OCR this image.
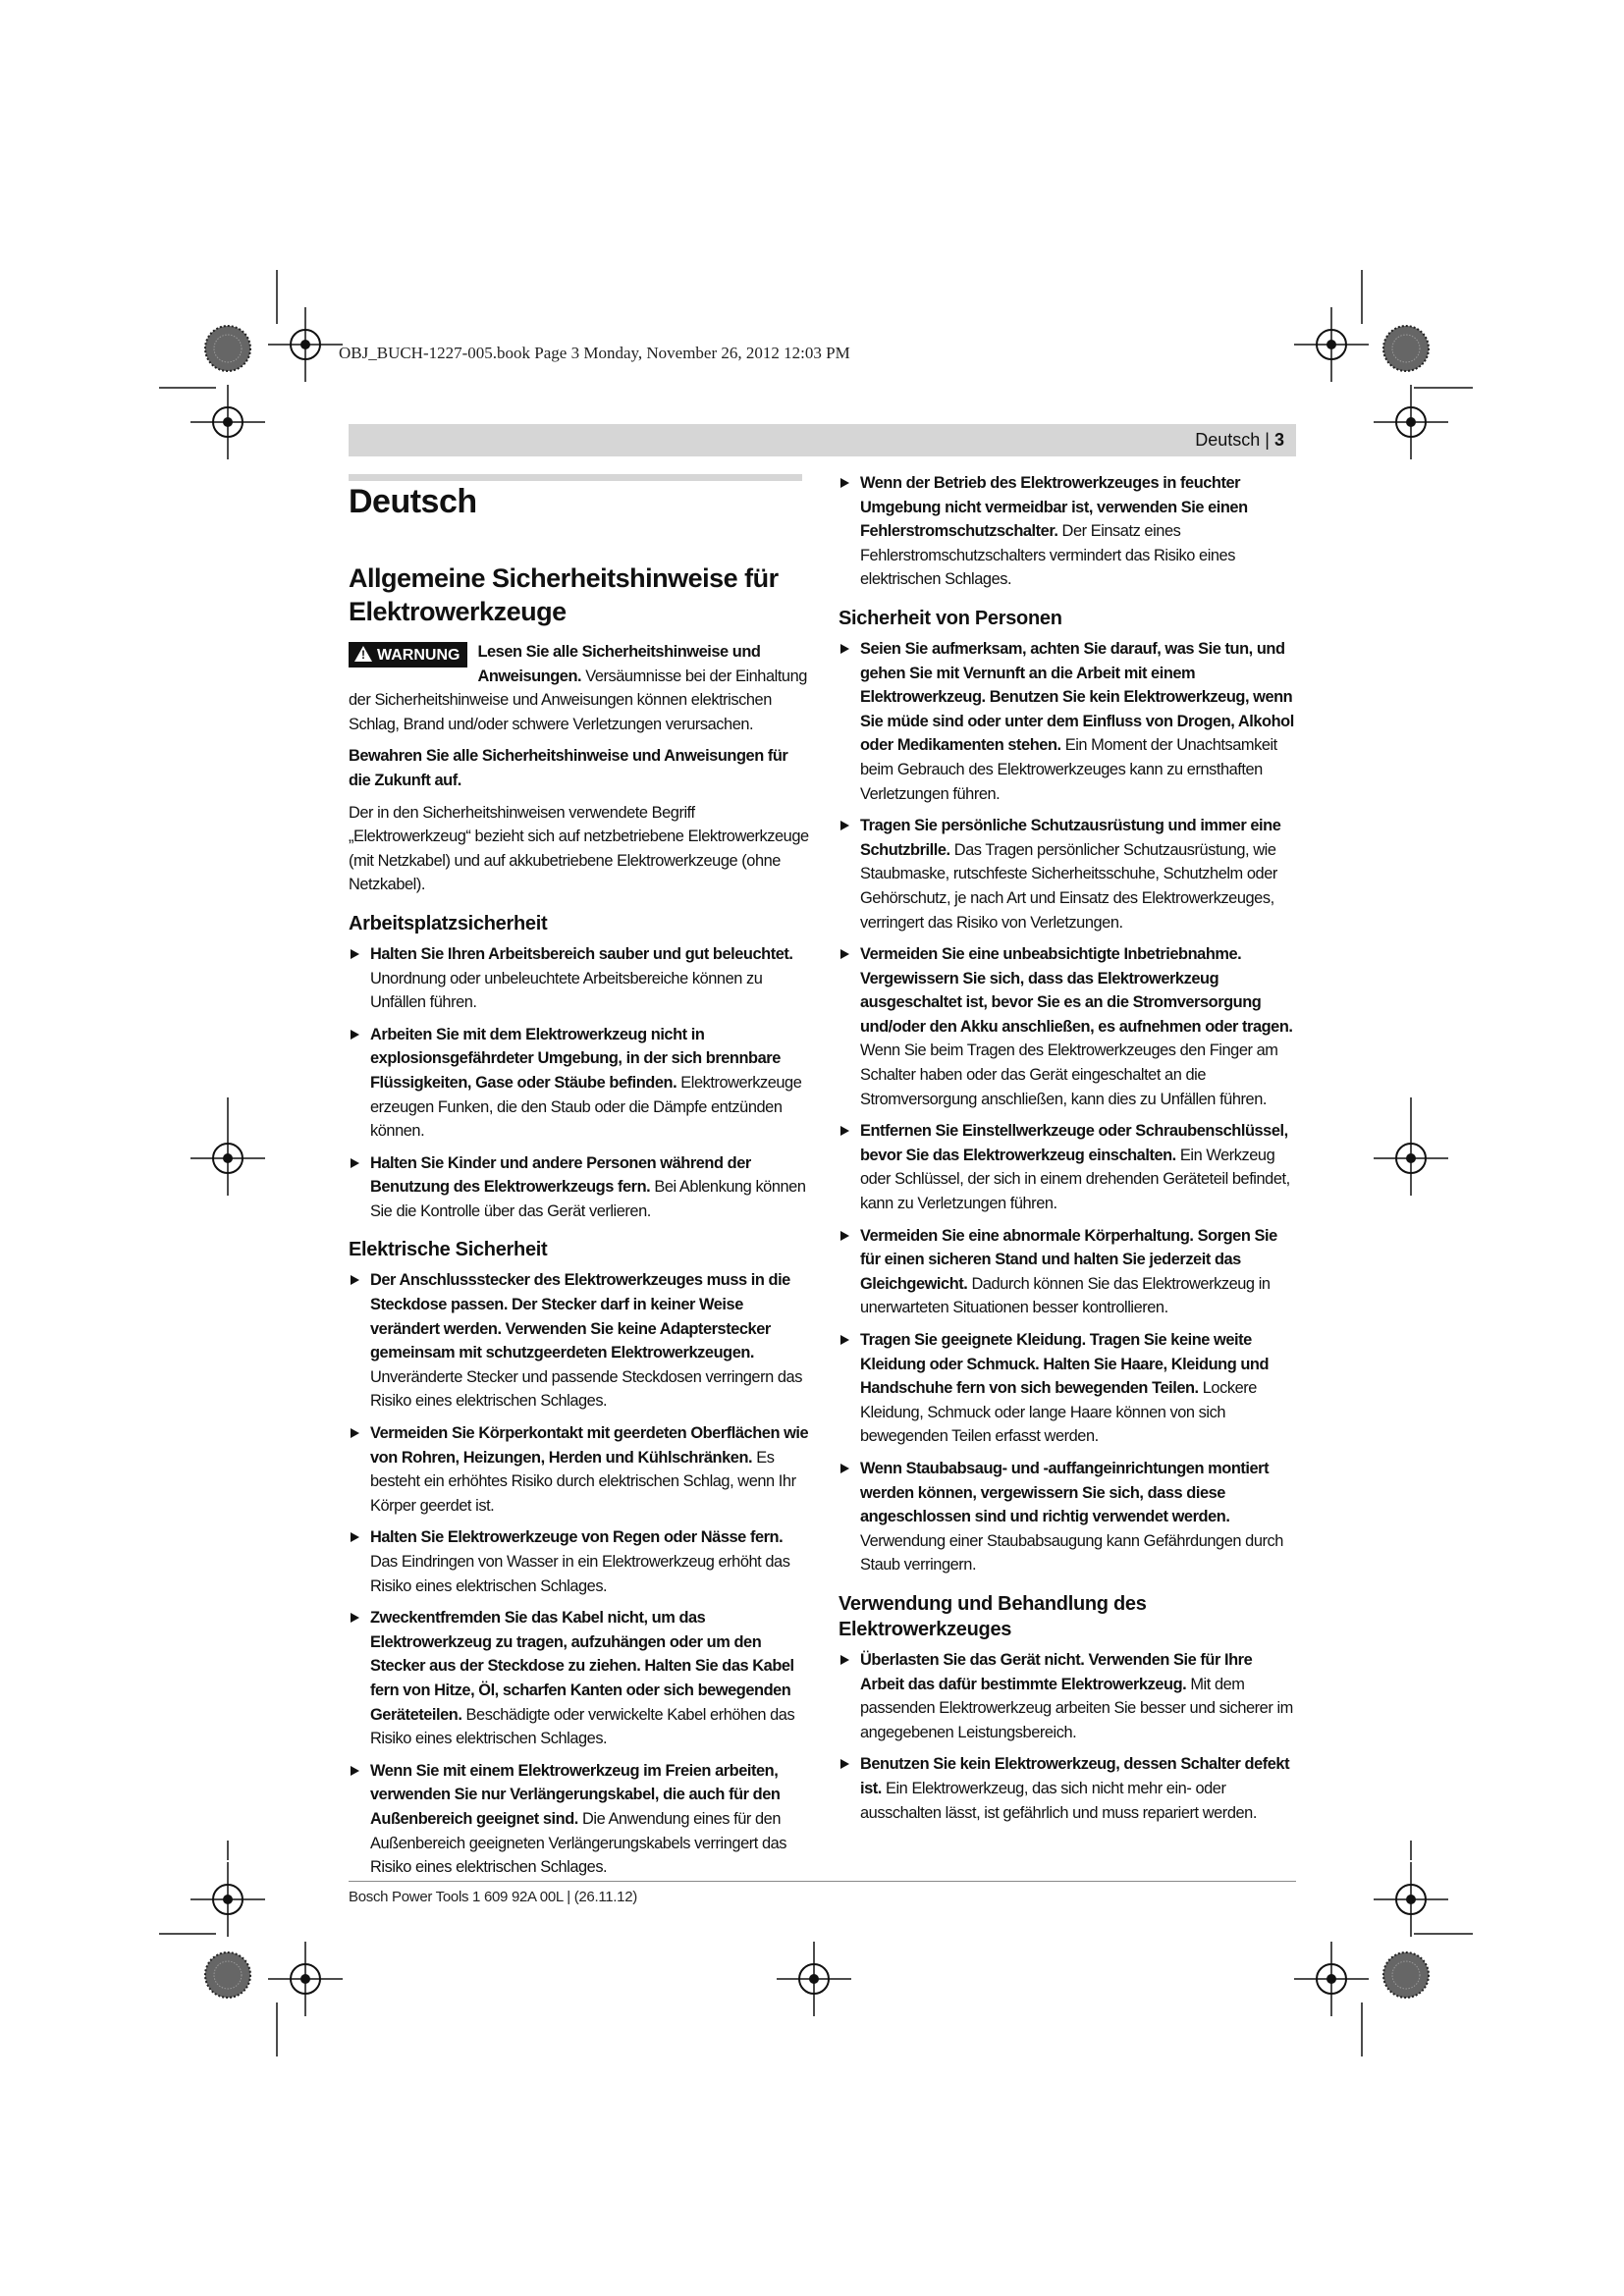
OBJ_BUCH-1227-005.book Page 3 Monday, November 26, 2012 12:03 PM
Deutsch | 3
Deutsch
Allgemeine Sicherheitshinweise für Elektrowerkzeuge
! WARNUNG	Lesen Sie alle Sicherheitshinweise und Anweisungen. Versäumnisse bei der Einhaltung der Sicherheitshinweise und Anweisungen können elektrischen Schlag, Brand und/oder schwere Verletzungen verursachen.

Bewahren Sie alle Sicherheitshinweise und Anweisungen für die Zukunft auf.

Der in den Sicherheitshinweisen verwendete Begriff „Elektrowerkzeug“ bezieht sich auf netzbetriebene Elektrowerkzeuge (mit Netzkabel) und auf akkubetriebene Elektrowerkzeuge (ohne Netzkabel).

Arbeitsplatzsicherheit
Halten Sie Ihren Arbeitsbereich sauber und gut beleuchtet. Unordnung oder unbeleuchtete Arbeitsbereiche können zu Unfällen führen.
Arbeiten Sie mit dem Elektrowerkzeug nicht in explosionsgefährdeter Umgebung, in der sich brennbare Flüssigkeiten, Gase oder Stäube befinden. Elektrowerkzeuge erzeugen Funken, die den Staub oder die Dämpfe entzünden können.
Halten Sie Kinder und andere Personen während der Benutzung des Elektrowerkzeugs fern. Bei Ablenkung können Sie die Kontrolle über das Gerät verlieren.
Elektrische Sicherheit
Der Anschlussstecker des Elektrowerkzeuges muss in die Steckdose passen. Der Stecker darf in keiner Weise verändert werden. Verwenden Sie keine Adapterstecker gemeinsam mit schutzgeerdeten Elektrowerkzeugen. Unveränderte Stecker und passende Steckdosen verringern das Risiko eines elektrischen Schlages.
Vermeiden Sie Körperkontakt mit geerdeten Oberflächen wie von Rohren, Heizungen, Herden und Kühlschränken. Es besteht ein erhöhtes Risiko durch elektrischen Schlag, wenn Ihr Körper geerdet ist.
Halten Sie Elektrowerkzeuge von Regen oder Nässe fern. Das Eindringen von Wasser in ein Elektrowerkzeug erhöht das Risiko eines elektrischen Schlages.
Zweckentfremden Sie das Kabel nicht, um das Elektrowerkzeug zu tragen, aufzuhängen oder um den Stecker aus der Steckdose zu ziehen. Halten Sie das Kabel fern von Hitze, Öl, scharfen Kanten oder sich bewegenden Geräteteilen. Beschädigte oder verwickelte Kabel erhöhen das Risiko eines elektrischen Schlages.
Wenn Sie mit einem Elektrowerkzeug im Freien arbeiten, verwenden Sie nur Verlängerungskabel, die auch für den Außenbereich geeignet sind. Die Anwendung eines für den Außenbereich geeigneten Verlängerungskabels verringert das Risiko eines elektrischen Schlages.
Wenn der Betrieb des Elektrowerkzeuges in feuchter Umgebung nicht vermeidbar ist, verwenden Sie einen Fehlerstromschutzschalter. Der Einsatz eines Fehlerstromschutzschalters vermindert das Risiko eines elektrischen Schlages.
Sicherheit von Personen
Seien Sie aufmerksam, achten Sie darauf, was Sie tun, und gehen Sie mit Vernunft an die Arbeit mit einem Elektrowerkzeug. Benutzen Sie kein Elektrowerkzeug, wenn Sie müde sind oder unter dem Einfluss von Drogen, Alkohol oder Medikamenten stehen. Ein Moment der Unachtsamkeit beim Gebrauch des Elektrowerkzeuges kann zu ernsthaften Verletzungen führen.
Tragen Sie persönliche Schutzausrüstung und immer eine Schutzbrille. Das Tragen persönlicher Schutzausrüstung, wie Staubmaske, rutschfeste Sicherheitsschuhe, Schutzhelm oder Gehörschutz, je nach Art und Einsatz des Elektrowerkzeuges, verringert das Risiko von Verletzungen.
Vermeiden Sie eine unbeabsichtigte Inbetriebnahme. Vergewissern Sie sich, dass das Elektrowerkzeug ausgeschaltet ist, bevor Sie es an die Stromversorgung und/oder den Akku anschließen, es aufnehmen oder tragen. Wenn Sie beim Tragen des Elektrowerkzeuges den Finger am Schalter haben oder das Gerät eingeschaltet an die Stromversorgung anschließen, kann dies zu Unfällen führen.
Entfernen Sie Einstellwerkzeuge oder Schraubenschlüssel, bevor Sie das Elektrowerkzeug einschalten. Ein Werkzeug oder Schlüssel, der sich in einem drehenden Geräteteil befindet, kann zu Verletzungen führen.
Vermeiden Sie eine abnormale Körperhaltung. Sorgen Sie für einen sicheren Stand und halten Sie jederzeit das Gleichgewicht. Dadurch können Sie das Elektrowerkzeug in unerwarteten Situationen besser kontrollieren.
Tragen Sie geeignete Kleidung. Tragen Sie keine weite Kleidung oder Schmuck. Halten Sie Haare, Kleidung und Handschuhe fern von sich bewegenden Teilen. Lockere Kleidung, Schmuck oder lange Haare können von sich bewegenden Teilen erfasst werden.
Wenn Staubabsaug- und -auffangeinrichtungen montiert werden können, vergewissern Sie sich, dass diese angeschlossen sind und richtig verwendet werden. Verwendung einer Staubabsaugung kann Gefährdungen durch Staub verringern.
Verwendung und Behandlung des Elektrowerkzeuges
Überlasten Sie das Gerät nicht. Verwenden Sie für Ihre Arbeit das dafür bestimmte Elektrowerkzeug. Mit dem passenden Elektrowerkzeug arbeiten Sie besser und sicherer im angegebenen Leistungsbereich.
Benutzen Sie kein Elektrowerkzeug, dessen Schalter defekt ist. Ein Elektrowerkzeug, das sich nicht mehr ein- oder ausschalten lässt, ist gefährlich und muss repariert werden.
Bosch Power Tools 1 609 92A 00L | (26.11.12)
